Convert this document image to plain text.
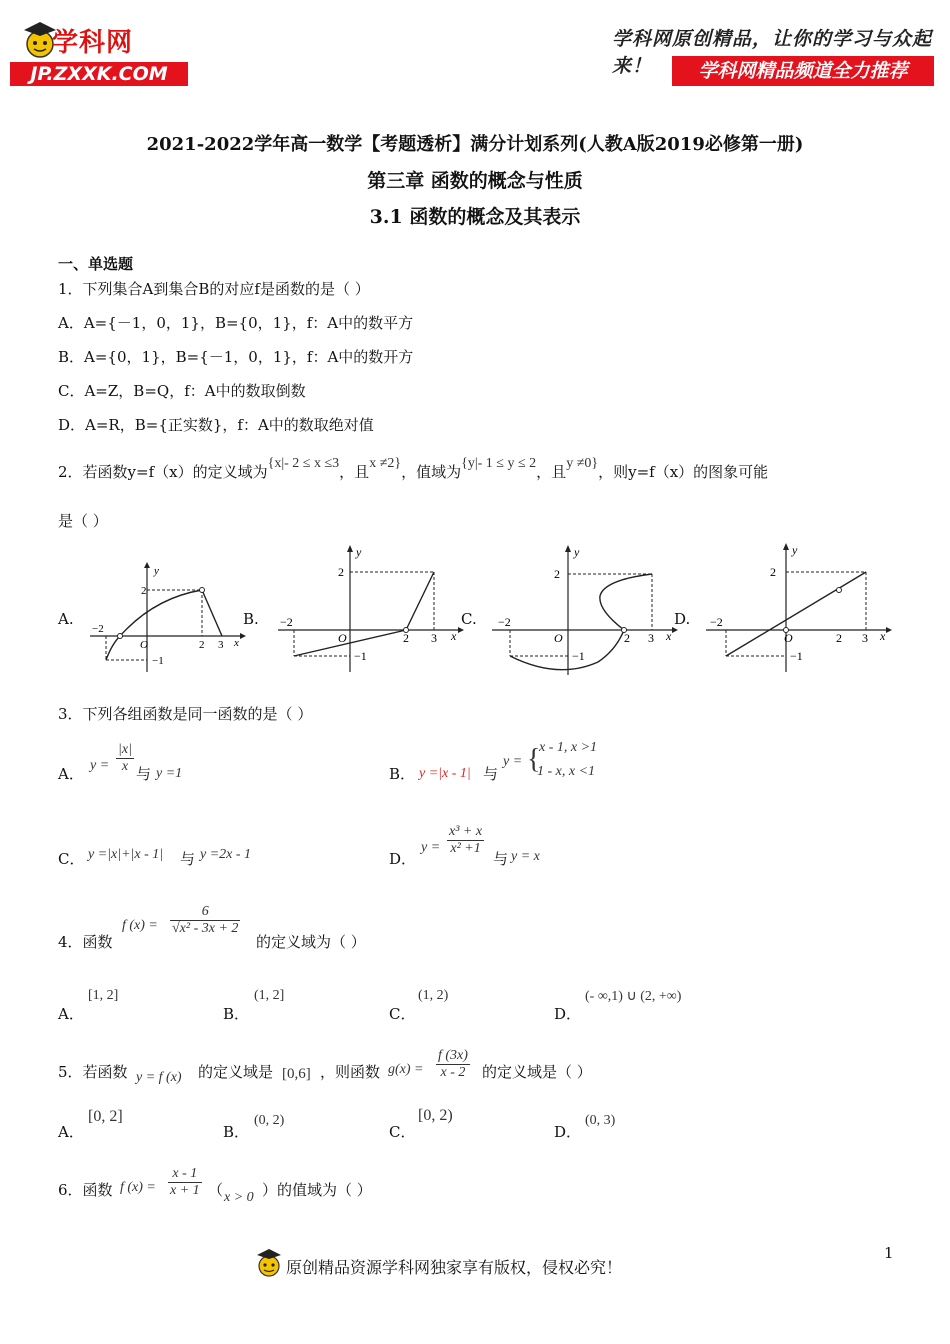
学科网
JP.ZXXK.COM
学科网原创精品，让你的学习与众起来！	学科网精品频道全力推荐
2021-2022学年高一数学【考题透析】满分计划系列(人教A版2019必修第一册)
第三章 函数的概念与性质
3.1 函数的概念及其表示
一、单选题
1．下列集合A到集合B的对应f是函数的是（ ）
A．A={－1，0，1}，B={0，1}，f：A中的数平方
B．A={0，1}，B={－1，0，1}，f：A中的数开方
C．A=Z，B=Q，f：A中的数取倒数
D．A=R，B={正实数}，f：A中的数取绝对值
2．若函数y=f（x）的定义域为{x|- 2 ≤ x ≤3，且x ≠2}，值域为{y|- 1 ≤ y ≤ 2，且y ≠0}，则y=f（x）的图象可能
是（ ）
A.
−2
2
O
−1
2 3 x
y
B. −2
2
O
−1
2 3 x
y
C. −2
2
O
−1
2 3 x
y
D. −2
2
O
−1
2 3 x
y
3．下列各组函数是同一函数的是（ ）
A． $y = \frac{|x|}{x}$ 与 y =1	B． y =|x - 1| 与
y = {
x - 1, x >1
1 - x, x <1
C． y =|x|+|x - 1| 与 y =2x - 1	D．
$y = \frac{\text{x³ + x}}{\text{x² +1}}$
与 y = x
4．函数
f $(x) = \frac{6}{\text{√x² - 3x + 2}}$
的定义域为（ ）
A．
[1, 2]
B．
(1, 2]
C．
(1, 2)
D．
(- ∞,1) ∪ (2, +∞)
5．若函数 y = f (x) 的定义域是 [0,6] ，则函数 $g(x) = \frac{f (3x)}{x - 2}$ 的定义域是（ ）
A．
[0, 2]
B．
(0, 2)
C．
[0, 2)
D．
(0, 3)
6．函数 f $(x) = \frac{x - 1}{x + 1}$ （ x > 0 ）的值域为（ ）
原创精品资源学科网独家享有版权，侵权必究！
1
